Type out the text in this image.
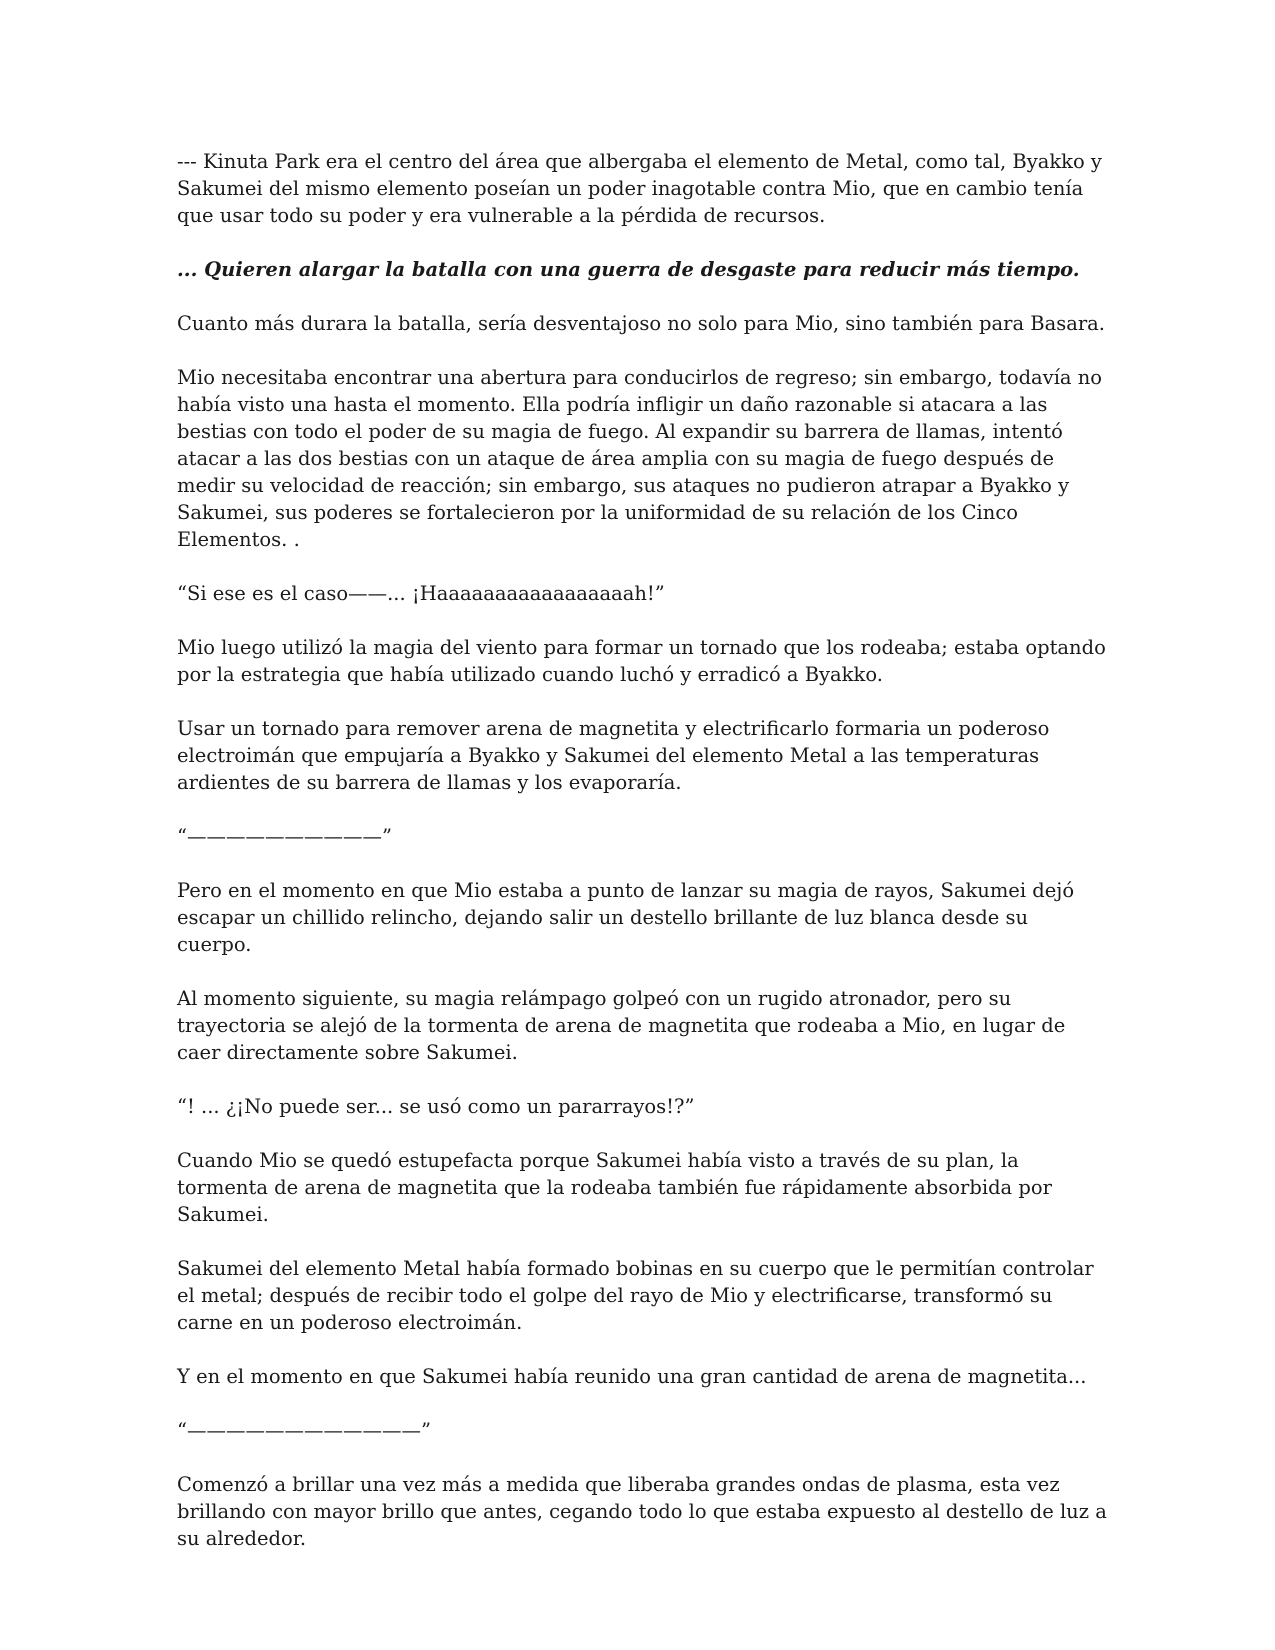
--- Kinuta Park era el centro del área que albergaba el elemento de Metal, como tal, Byakko y Sakumei del mismo elemento poseían un poder inagotable contra Mio, que en cambio tenía que usar todo su poder y era vulnerable a la pérdida de recursos.

... Quieren alargar la batalla con una guerra de desgaste para reducir más tiempo.

Cuanto más durara la batalla, sería desventajoso no solo para Mio, sino también para Basara.

Mio necesitaba encontrar una abertura para conducirlos de regreso; sin embargo, todavía no había visto una hasta el momento. Ella podría infligir un daño razonable si atacara a las bestias con todo el poder de su magia de fuego. Al expandir su barrera de llamas, intentó atacar a las dos bestias con un ataque de área amplia con su magia de fuego después de medir su velocidad de reacción; sin embargo, sus ataques no pudieron atrapar a Byakko y Sakumei, sus poderes se fortalecieron por la uniformidad de su relación de los Cinco Elementos. .

“Si ese es el caso——... ¡Haaaaaaaaaaaaaaaaah!”

Mio luego utilizó la magia del viento para formar un tornado que los rodeaba; estaba optando por la estrategia que había utilizado cuando luchó y erradicó a Byakko.

Usar un tornado para remover arena de magnetita y electrificarlo formaria un poderoso electroimán que empujaría a Byakko y Sakumei del elemento Metal a las temperaturas ardientes de su barrera de llamas y los evaporaría.

“——————————”

Pero en el momento en que Mio estaba a punto de lanzar su magia de rayos, Sakumei dejó escapar un chillido relincho, dejando salir un destello brillante de luz blanca desde su cuerpo.

Al momento siguiente, su magia relámpago golpeó con un rugido atronador, pero su trayectoria se alejó de la tormenta de arena de magnetita que rodeaba a Mio, en lugar de caer directamente sobre Sakumei.

“! ... ¿¡No puede ser... se usó como un pararrayos!?”

Cuando Mio se quedó estupefacta porque Sakumei había visto a través de su plan, la tormenta de arena de magnetita que la rodeaba también fue rápidamente absorbida por Sakumei.

Sakumei del elemento Metal había formado bobinas en su cuerpo que le permitían controlar el metal; después de recibir todo el golpe del rayo de Mio y electrificarse, transformó su carne en un poderoso electroimán.

Y en el momento en que Sakumei había reunido una gran cantidad de arena de magnetita...

“————————————”

Comenzó a brillar una vez más a medida que liberaba grandes ondas de plasma, esta vez brillando con mayor brillo que antes, cegando todo lo que estaba expuesto al destello de luz a su alrededor.
